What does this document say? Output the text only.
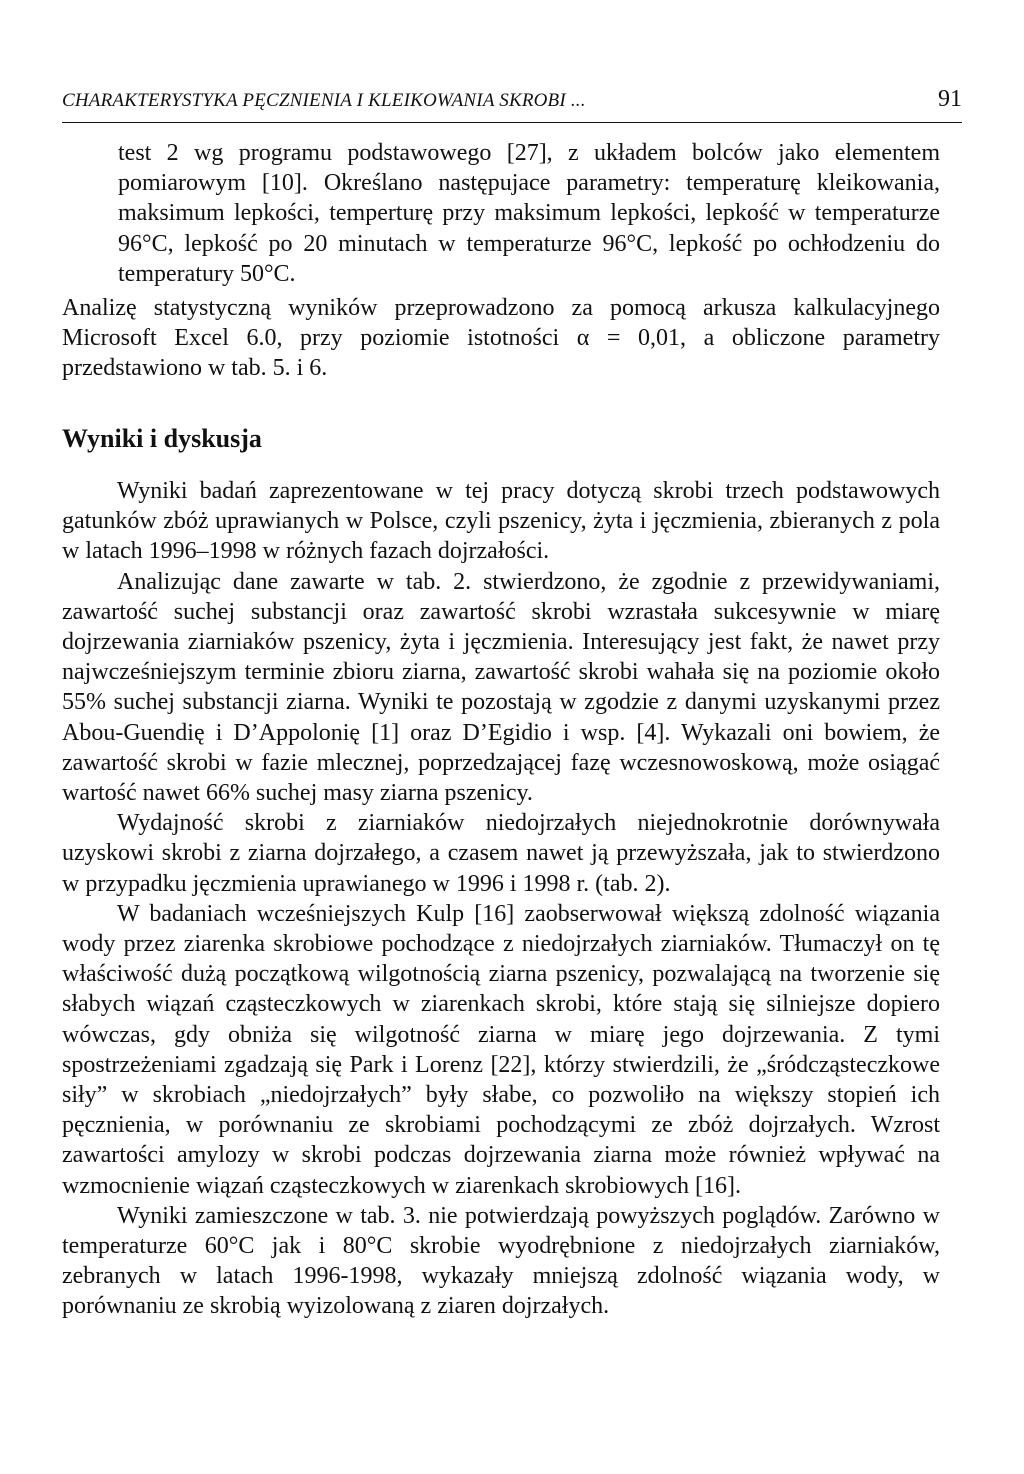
CHARAKTERYSTYKA PĘCZNIENIA I KLEIKOWANIA SKROBI ...	91

test 2 wg programu podstawowego [27], z układem bolców jako elementem pomiarowym [10]. Określano następujace parametry: temperaturę kleikowania, maksimum lepkości, temperturę przy maksimum lepkości, lepkość w temperaturze 96°C, lepkość po 20 minutach w temperaturze 96°C, lepkość po ochłodzeniu do temperatury 50°C.

Analizę statystyczną wyników przeprowadzono za pomocą arkusza kalkulacyjnego Microsoft Excel 6.0, przy poziomie istotności α = 0,01, a obliczone parametry przedstawiono w tab. 5. i 6.

Wyniki i dyskusja

Wyniki badań zaprezentowane w tej pracy dotyczą skrobi trzech podstawowych gatunków zbóż uprawianych w Polsce, czyli pszenicy, żyta i jęczmienia, zbieranych z pola w latach 1996–1998 w różnych fazach dojrzałości.

Analizując dane zawarte w tab. 2. stwierdzono, że zgodnie z przewidywaniami, zawartość suchej substancji oraz zawartość skrobi wzrastała sukcesywnie w miarę dojrzewania ziarniaków pszenicy, żyta i jęczmienia. Interesujący jest fakt, że nawet przy najwcześniejszym terminie zbioru ziarna, zawartość skrobi wahała się na poziomie około 55% suchej substancji ziarna. Wyniki te pozostają w zgodzie z danymi uzyskanymi przez Abou-Guendię i D’Appolonię [1] oraz D’Egidio i wsp. [4]. Wykazali oni bowiem, że zawartość skrobi w fazie mlecznej, poprzedzającej fazę wczesnowoskową, może osiągać wartość nawet 66% suchej masy ziarna pszenicy.

Wydajność skrobi z ziarniaków niedojrzałych niejednokrotnie dorównywała uzyskowi skrobi z ziarna dojrzałego, a czasem nawet ją przewyższała, jak to stwierdzono w przypadku jęczmienia uprawianego w 1996 i 1998 r. (tab. 2).

W badaniach wcześniejszych Kulp [16] zaobserwował większą zdolność wiązania wody przez ziarenka skrobiowe pochodzące z niedojrzałych ziarniaków. Tłumaczył on tę właściwość dużą początkową wilgotnością ziarna pszenicy, pozwalającą na tworzenie się słabych wiązań cząsteczkowych w ziarenkach skrobi, które stają się silniejsze dopiero wówczas, gdy obniża się wilgotność ziarna w miarę jego dojrzewania. Z tymi spostrzeżeniami zgadzają się Park i Lorenz [22], którzy stwierdzili, że „śródcząsteczkowe siły” w skrobiach „niedojrzałych” były słabe, co pozwoliło na większy stopień ich pęcznienia, w porównaniu ze skrobiami pochodzącymi ze zbóż dojrzałych. Wzrost zawartości amylozy w skrobi podczas dojrzewania ziarna może również wpływać na wzmocnienie wiązań cząsteczkowych w ziarenkach skrobiowych [16].

Wyniki zamieszczone w tab. 3. nie potwierdzają powyższych poglądów. Zarówno w temperaturze 60°C jak i 80°C skrobie wyodrębnione z niedojrzałych ziarniaków, zebranych w latach 1996-1998, wykazały mniejszą zdolność wiązania wody, w porównaniu ze skrobią wyizolowaną z ziaren dojrzałych.
